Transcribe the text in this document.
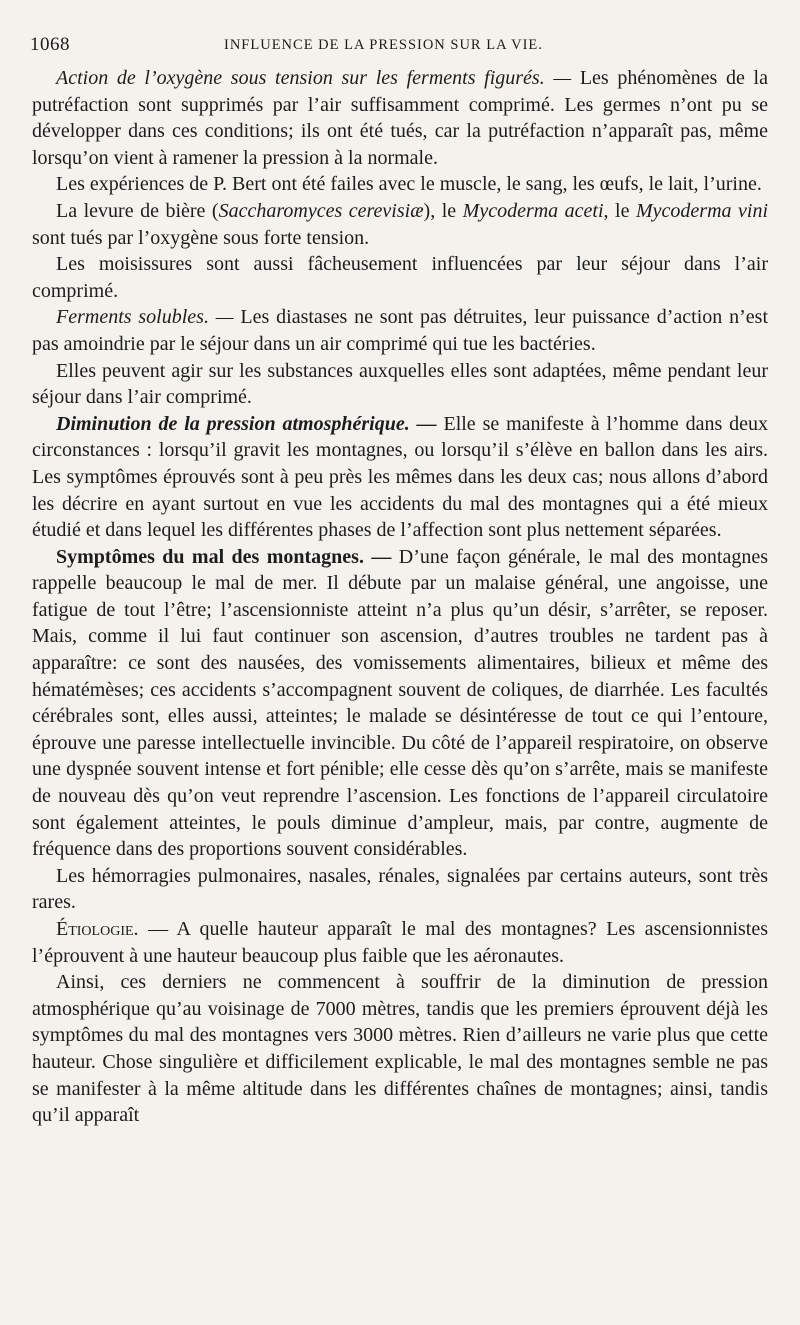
1068	INFLUENCE DE LA PRESSION SUR LA VIE.

Action de l’oxygène sous tension sur les ferments figurés. — Les phénomènes de la putréfaction sont supprimés par l’air suffisamment comprimé. Les germes n’ont pu se développer dans ces conditions; ils ont été tués, car la putréfaction n’apparaît pas, même lorsqu’on vient à ramener la pression à la normale.

Les expériences de P. Bert ont été failes avec le muscle, le sang, les œufs, le lait, l’urine.

La levure de bière (Saccharomyces cerevisiæ), le Mycoderma aceti, le Mycoderma vini sont tués par l’oxygène sous forte tension.

Les moisissures sont aussi fâcheusement influencées par leur séjour dans l’air comprimé.

Ferments solubles. — Les diastases ne sont pas détruites, leur puissance d’action n’est pas amoindrie par le séjour dans un air comprimé qui tue les bactéries.

Elles peuvent agir sur les substances auxquelles elles sont adaptées, même pendant leur séjour dans l’air comprimé.

Diminution de la pression atmosphérique. — Elle se manifeste à l’homme dans deux circonstances : lorsqu’il gravit les montagnes, ou lorsqu’il s’élève en ballon dans les airs. Les symptômes éprouvés sont à peu près les mêmes dans les deux cas; nous allons d’abord les décrire en ayant surtout en vue les accidents du mal des montagnes qui a été mieux étudié et dans lequel les différentes phases de l’affection sont plus nettement séparées.

Symptômes du mal des montagnes. — D’une façon générale, le mal des montagnes rappelle beaucoup le mal de mer. Il débute par un malaise général, une angoisse, une fatigue de tout l’être; l’ascensionniste atteint n’a plus qu’un désir, s’arrêter, se reposer. Mais, comme il lui faut continuer son ascension, d’autres troubles ne tardent pas à apparaître: ce sont des nausées, des vomissements alimentaires, bilieux et même des hématémèses; ces accidents s’accompagnent souvent de coliques, de diarrhée. Les facultés cérébrales sont, elles aussi, atteintes; le malade se désintéresse de tout ce qui l’entoure, éprouve une paresse intellectuelle invincible. Du côté de l’appareil respiratoire, on observe une dyspnée souvent intense et fort pénible; elle cesse dès qu’on s’arrête, mais se manifeste de nouveau dès qu’on veut reprendre l’ascension. Les fonctions de l’appareil circulatoire sont également atteintes, le pouls diminue d’ampleur, mais, par contre, augmente de fréquence dans des proportions souvent considérables.

Les hémorragies pulmonaires, nasales, rénales, signalées par certains auteurs, sont très rares.

Étiologie. — A quelle hauteur apparaît le mal des montagnes? Les ascensionnistes l’éprouvent à une hauteur beaucoup plus faible que les aéronautes.

Ainsi, ces derniers ne commencent à souffrir de la diminution de pression atmosphérique qu’au voisinage de 7000 mètres, tandis que les premiers éprouvent déjà les symptômes du mal des montagnes vers 3000 mètres. Rien d’ailleurs ne varie plus que cette hauteur. Chose singulière et difficilement explicable, le mal des montagnes semble ne pas se manifester à la même altitude dans les différentes chaînes de montagnes; ainsi, tandis qu’il apparaît
